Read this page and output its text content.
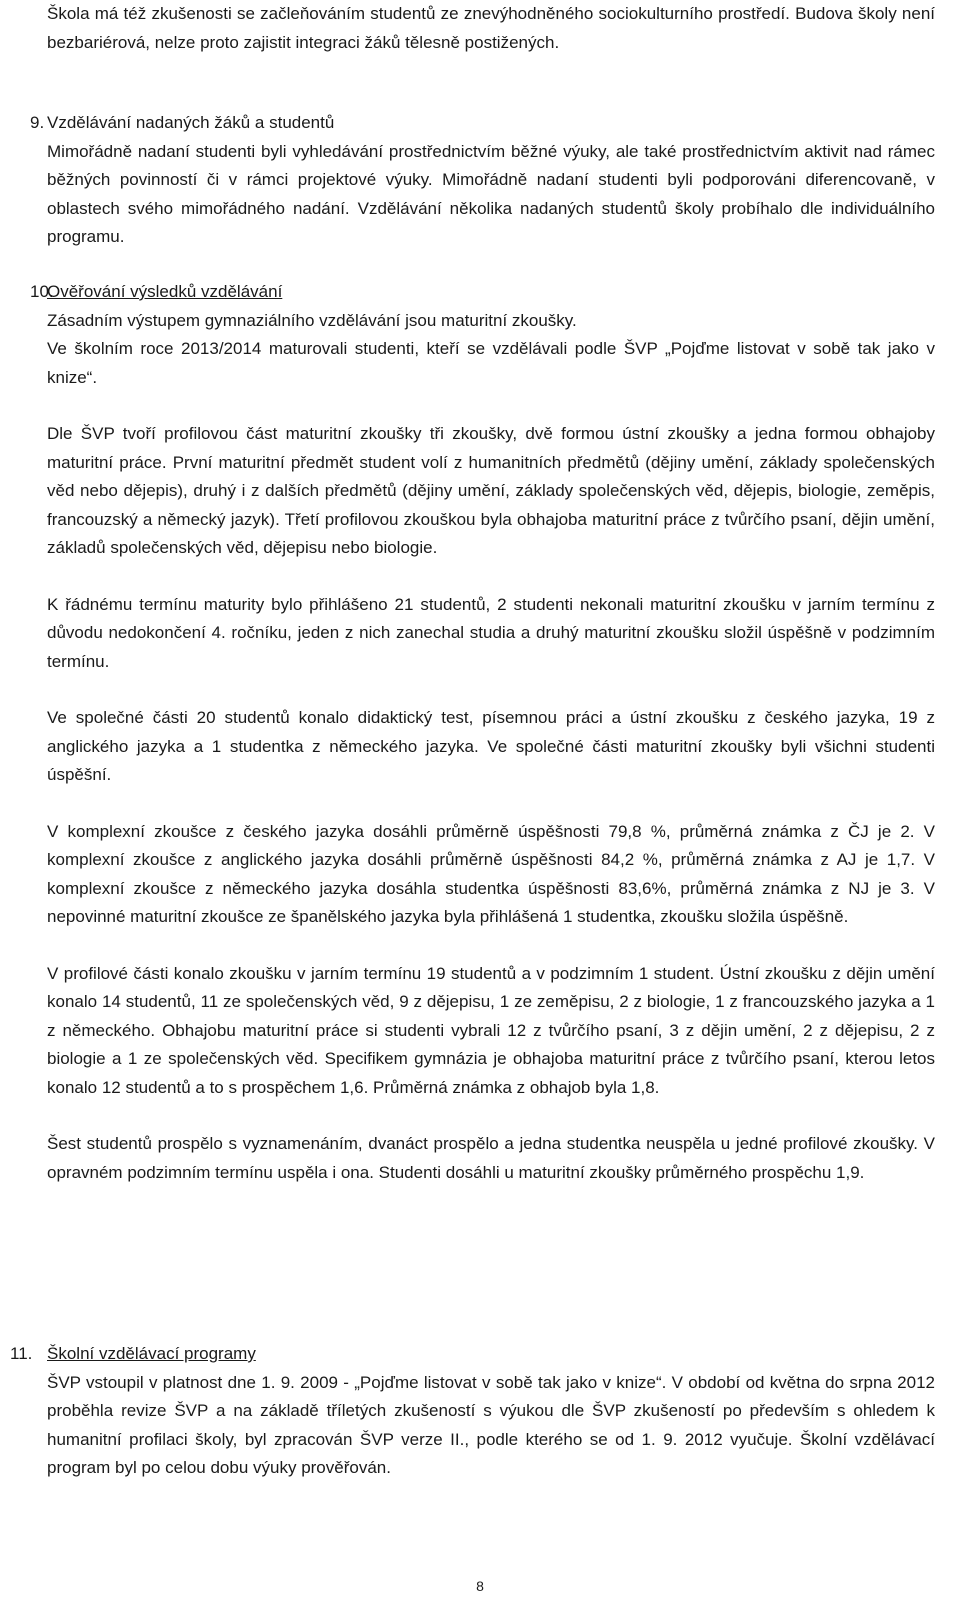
Škola má též zkušenosti se začleňováním studentů ze znevýhodněného sociokulturního prostředí. Budova školy není bezbariérová, nelze proto zajistit integraci žáků tělesně postižených.

9. Vzdělávání nadaných žáků a studentů

Mimořádně nadaní studenti byli vyhledávání prostřednictvím běžné výuky, ale také prostřednictvím aktivit nad rámec běžných povinností či v rámci projektové výuky. Mimořádně nadaní studenti byli podporováni diferencovaně, v oblastech svého mimořádného nadání. Vzdělávání několika nadaných studentů školy probíhalo dle individuálního programu.

10.
Ověřování výsledků vzdělávání

Zásadním výstupem gymnaziálního vzdělávání jsou maturitní zkoušky.

Ve školním roce 2013/2014 maturovali studenti, kteří se vzdělávali podle ŠVP „Pojďme listovat v sobě tak jako v knize“.

Dle ŠVP tvoří profilovou část maturitní zkoušky tři zkoušky, dvě formou ústní zkoušky a jedna formou obhajoby maturitní práce. První maturitní předmět student volí z humanitních předmětů (dějiny umění, základy společenských věd nebo dějepis), druhý i z dalších předmětů (dějiny umění, základy společenských věd, dějepis, biologie, zeměpis, francouzský a německý jazyk). Třetí profilovou zkouškou byla obhajoba maturitní práce z tvůrčího psaní, dějin umění, základů společenských věd, dějepisu nebo biologie.

K řádnému termínu maturity bylo přihlášeno 21 studentů, 2 studenti nekonali maturitní zkoušku v jarním termínu z důvodu nedokončení 4. ročníku, jeden z nich zanechal studia a druhý maturitní zkoušku složil úspěšně v podzimním termínu.

Ve společné části 20 studentů konalo didaktický test, písemnou práci a ústní zkoušku z českého jazyka, 19 z anglického jazyka a 1 studentka z německého jazyka. Ve společné části maturitní zkoušky byli všichni studenti úspěšní.

V komplexní zkoušce z českého jazyka dosáhli průměrně úspěšnosti 79,8 %, průměrná známka z ČJ je 2. V komplexní zkoušce z anglického jazyka dosáhli průměrně úspěšnosti 84,2 %, průměrná známka z AJ je 1,7. V komplexní zkoušce z německého jazyka dosáhla studentka úspěšnosti 83,6%, průměrná známka z NJ je 3. V nepovinné maturitní zkoušce ze španělského jazyka byla přihlášená 1 studentka, zkoušku složila úspěšně.

V profilové části konalo zkoušku v jarním termínu 19 studentů a v podzimním 1 student. Ústní zkoušku z dějin umění konalo 14 studentů, 11 ze společenských věd, 9 z dějepisu, 1 ze zeměpisu, 2 z biologie, 1 z francouzského jazyka a 1 z německého. Obhajobu maturitní práce si studenti vybrali 12 z tvůrčího psaní, 3 z dějin umění, 2 z dějepisu, 2 z biologie a 1 ze společenských věd. Specifikem gymnázia je obhajoba maturitní práce z tvůrčího psaní, kterou letos konalo 12 studentů a to s prospěchem 1,6. Průměrná známka z obhajob byla 1,8.

Šest studentů prospělo s vyznamenáním, dvanáct prospělo a jedna studentka neuspěla u jedné profilové zkoušky. V opravném podzimním termínu uspěla i ona. Studenti dosáhli u maturitní zkoušky průměrného prospěchu 1,9.

11. Školní vzdělávací programy

ŠVP vstoupil v platnost dne 1. 9. 2009 - „Pojďme listovat v sobě tak jako v knize“. V období od května do srpna 2012 proběhla revize ŠVP a na základě tříletých zkušeností s výukou dle ŠVP zkušeností po především s ohledem k humanitní profilaci školy, byl zpracován ŠVP verze II., podle kterého se od 1. 9. 2012 vyučuje. Školní vzdělávací program byl po celou dobu výuky prověřován.

8
